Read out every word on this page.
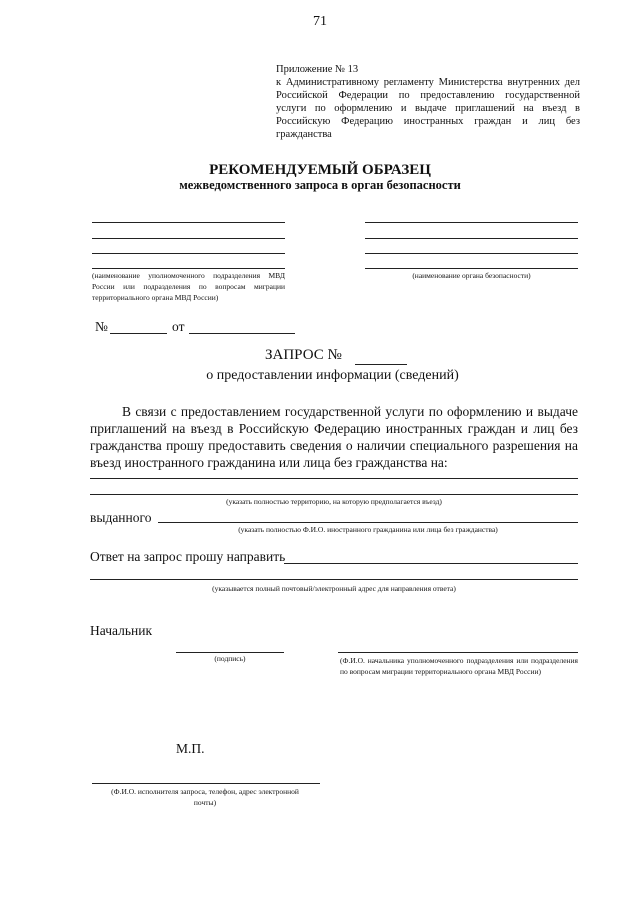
71
Приложение № 13
к Административному регламенту Министерства внутренних дел Российской Федерации по предоставлению государственной услуги по оформлению и выдаче приглашений на въезд в Российскую Федерацию иностранных граждан и лиц без гражданства
РЕКОМЕНДУЕМЫЙ ОБРАЗЕЦ
межведомственного запроса в орган безопасности
(наименование уполномоченного подразделения МВД России или подразделения по вопросам миграции территориального органа МВД России)
(наименование органа безопасности)
№	от
ЗАПРОС №
о предоставлении информации (сведений)
В связи с предоставлением государственной услуги по оформлению и выдаче приглашений на въезд в Российскую Федерацию иностранных граждан и лиц без гражданства прошу предоставить сведения о наличии специального разрешения на въезд иностранного гражданина или лица без гражданства на:
(указать полностью территорию, на которую предполагается въезд)
выданного
(указать полностью Ф.И.О. иностранного гражданина или лица без гражданства)
Ответ на запрос прошу направить
(указывается полный почтовый/электронный адрес для направления ответа)
Начальник
(подпись)	(Ф.И.О. начальника уполномоченного подразделения или подразделения по вопросам миграции территориального органа МВД России)
М.П.
(Ф.И.О. исполнителя запроса, телефон, адрес электронной почты)
